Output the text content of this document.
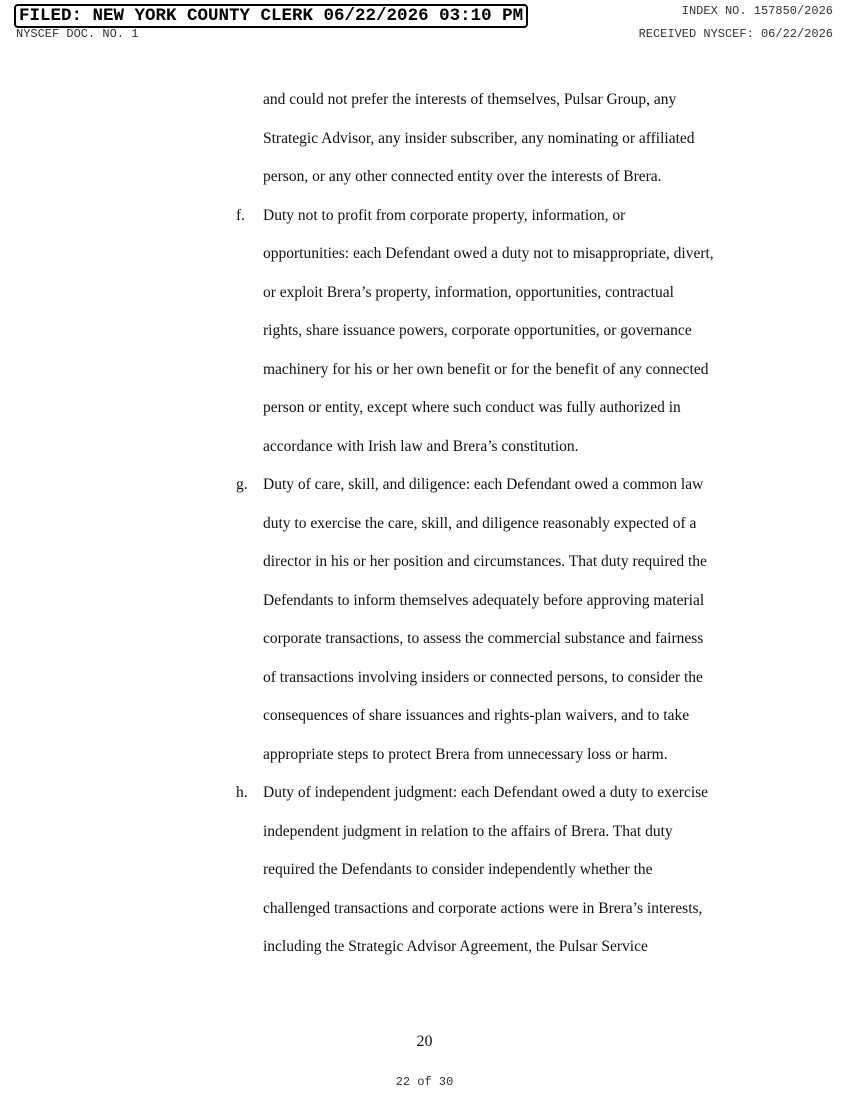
FILED: NEW YORK COUNTY CLERK 06/22/2026 03:10 PM
NYSCEF DOC. NO. 1
INDEX NO. 157850/2026
RECEIVED NYSCEF: 06/22/2026
and could not prefer the interests of themselves, Pulsar Group, any
Strategic Advisor, any insider subscriber, any nominating or affiliated
person, or any other connected entity over the interests of Brera.
f. Duty not to profit from corporate property, information, or
opportunities: each Defendant owed a duty not to misappropriate, divert,
or exploit Brera’s property, information, opportunities, contractual
rights, share issuance powers, corporate opportunities, or governance
machinery for his or her own benefit or for the benefit of any connected
person or entity, except where such conduct was fully authorized in
accordance with Irish law and Brera’s constitution.
g. Duty of care, skill, and diligence: each Defendant owed a common law
duty to exercise the care, skill, and diligence reasonably expected of a
director in his or her position and circumstances. That duty required the
Defendants to inform themselves adequately before approving material
corporate transactions, to assess the commercial substance and fairness
of transactions involving insiders or connected persons, to consider the
consequences of share issuances and rights-plan waivers, and to take
appropriate steps to protect Brera from unnecessary loss or harm.
h. Duty of independent judgment: each Defendant owed a duty to exercise
independent judgment in relation to the affairs of Brera. That duty
required the Defendants to consider independently whether the
challenged transactions and corporate actions were in Brera’s interests,
including the Strategic Advisor Agreement, the Pulsar Service
20
22 of 30
